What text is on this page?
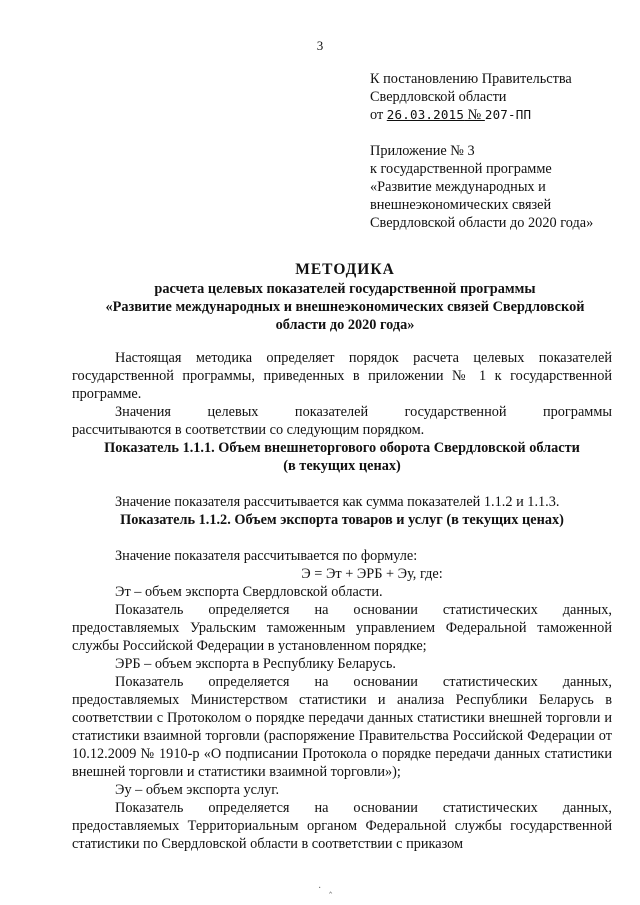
3
К постановлению Правительства
Свердловской области
от 26.03.2015 № 207-ПП
Приложение № 3
к государственной программе
«Развитие международных и
внешнеэкономических связей
Свердловской области до 2020 года»
МЕТОДИКА
расчета целевых показателей государственной программы
«Развитие международных и внешнеэкономических связей Свердловской
области до 2020 года»

Настоящая методика определяет порядок расчета целевых показателей государственной программы, приведенных в приложении № 1 к государственной программе.

Значения целевых показателей государственной программы

рассчитываются в соответствии со следующим порядком.

Показатель 1.1.1. Объем внешнеторгового оборота Свердловской области

(в текущих ценах)

Значение показателя рассчитывается как сумма показателей 1.1.2 и 1.1.3.

Показатель 1.1.2. Объем экспорта товаров и услуг (в текущих ценах)

Значение показателя рассчитывается по формуле:

Э = Эт + ЭРБ + Эу, где:

Эт – объем экспорта Свердловской области.

Показатель определяется на основании статистических данных, предоставляемых Уральским таможенным управлением Федеральной таможенной службы Российской Федерации в установленном порядке;

ЭРБ – объем экспорта в Республику Беларусь.

Показатель определяется на основании статистических данных, предоставляемых Министерством статистики и анализа Республики Беларусь в соответствии с Протоколом о порядке передачи данных статистики внешней торговли и статистики взаимной торговли (распоряжение Правительства Российской Федерации от 10.12.2009 № 1910-р «О подписании Протокола о порядке передачи данных статистики внешней торговли и статистики взаимной торговли»);

Эу – объем экспорта услуг.

Показатель определяется на основании статистических данных, предоставляемых Территориальным органом Федеральной службы государственной статистики по Свердловской области в соответствии с приказом

·   ‸
